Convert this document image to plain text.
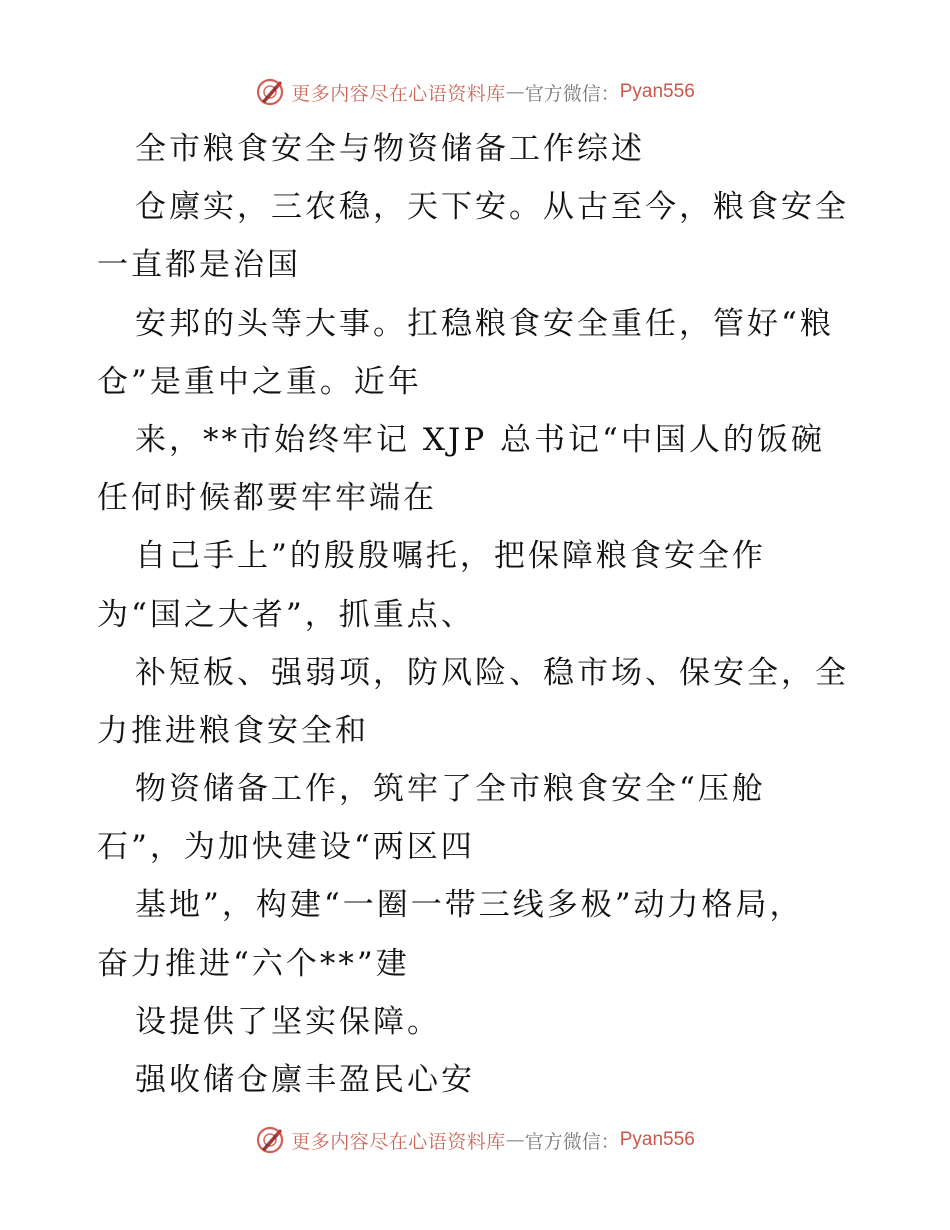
更多内容尽在心语资料库 — 官方微信： Pyan556
全市粮食安全与物资储备工作综述
仓廪实，三农稳，天下安。从古至今，粮食安全
一直都是治国
安邦的头等大事。扛稳粮食安全重任，管好“粮
仓”是重中之重。近年
来，**市始终牢记 XJP 总书记“中国人的饭碗
任何时候都要牢牢端在
自己手上”的殷殷嘱托，把保障粮食安全作
为“国之大者”，抓重点、
补短板、强弱项，防风险、稳市场、保安全，全
力推进粮食安全和
物资储备工作，筑牢了全市粮食安全“压舱
石”，为加快建设“两区四
基地”，构建“一圈一带三线多极”动力格局，
奋力推进“六个**”建
设提供了坚实保障。
强收储仓廪丰盈民心安
更多内容尽在心语资料库 — 官方微信： Pyan556
